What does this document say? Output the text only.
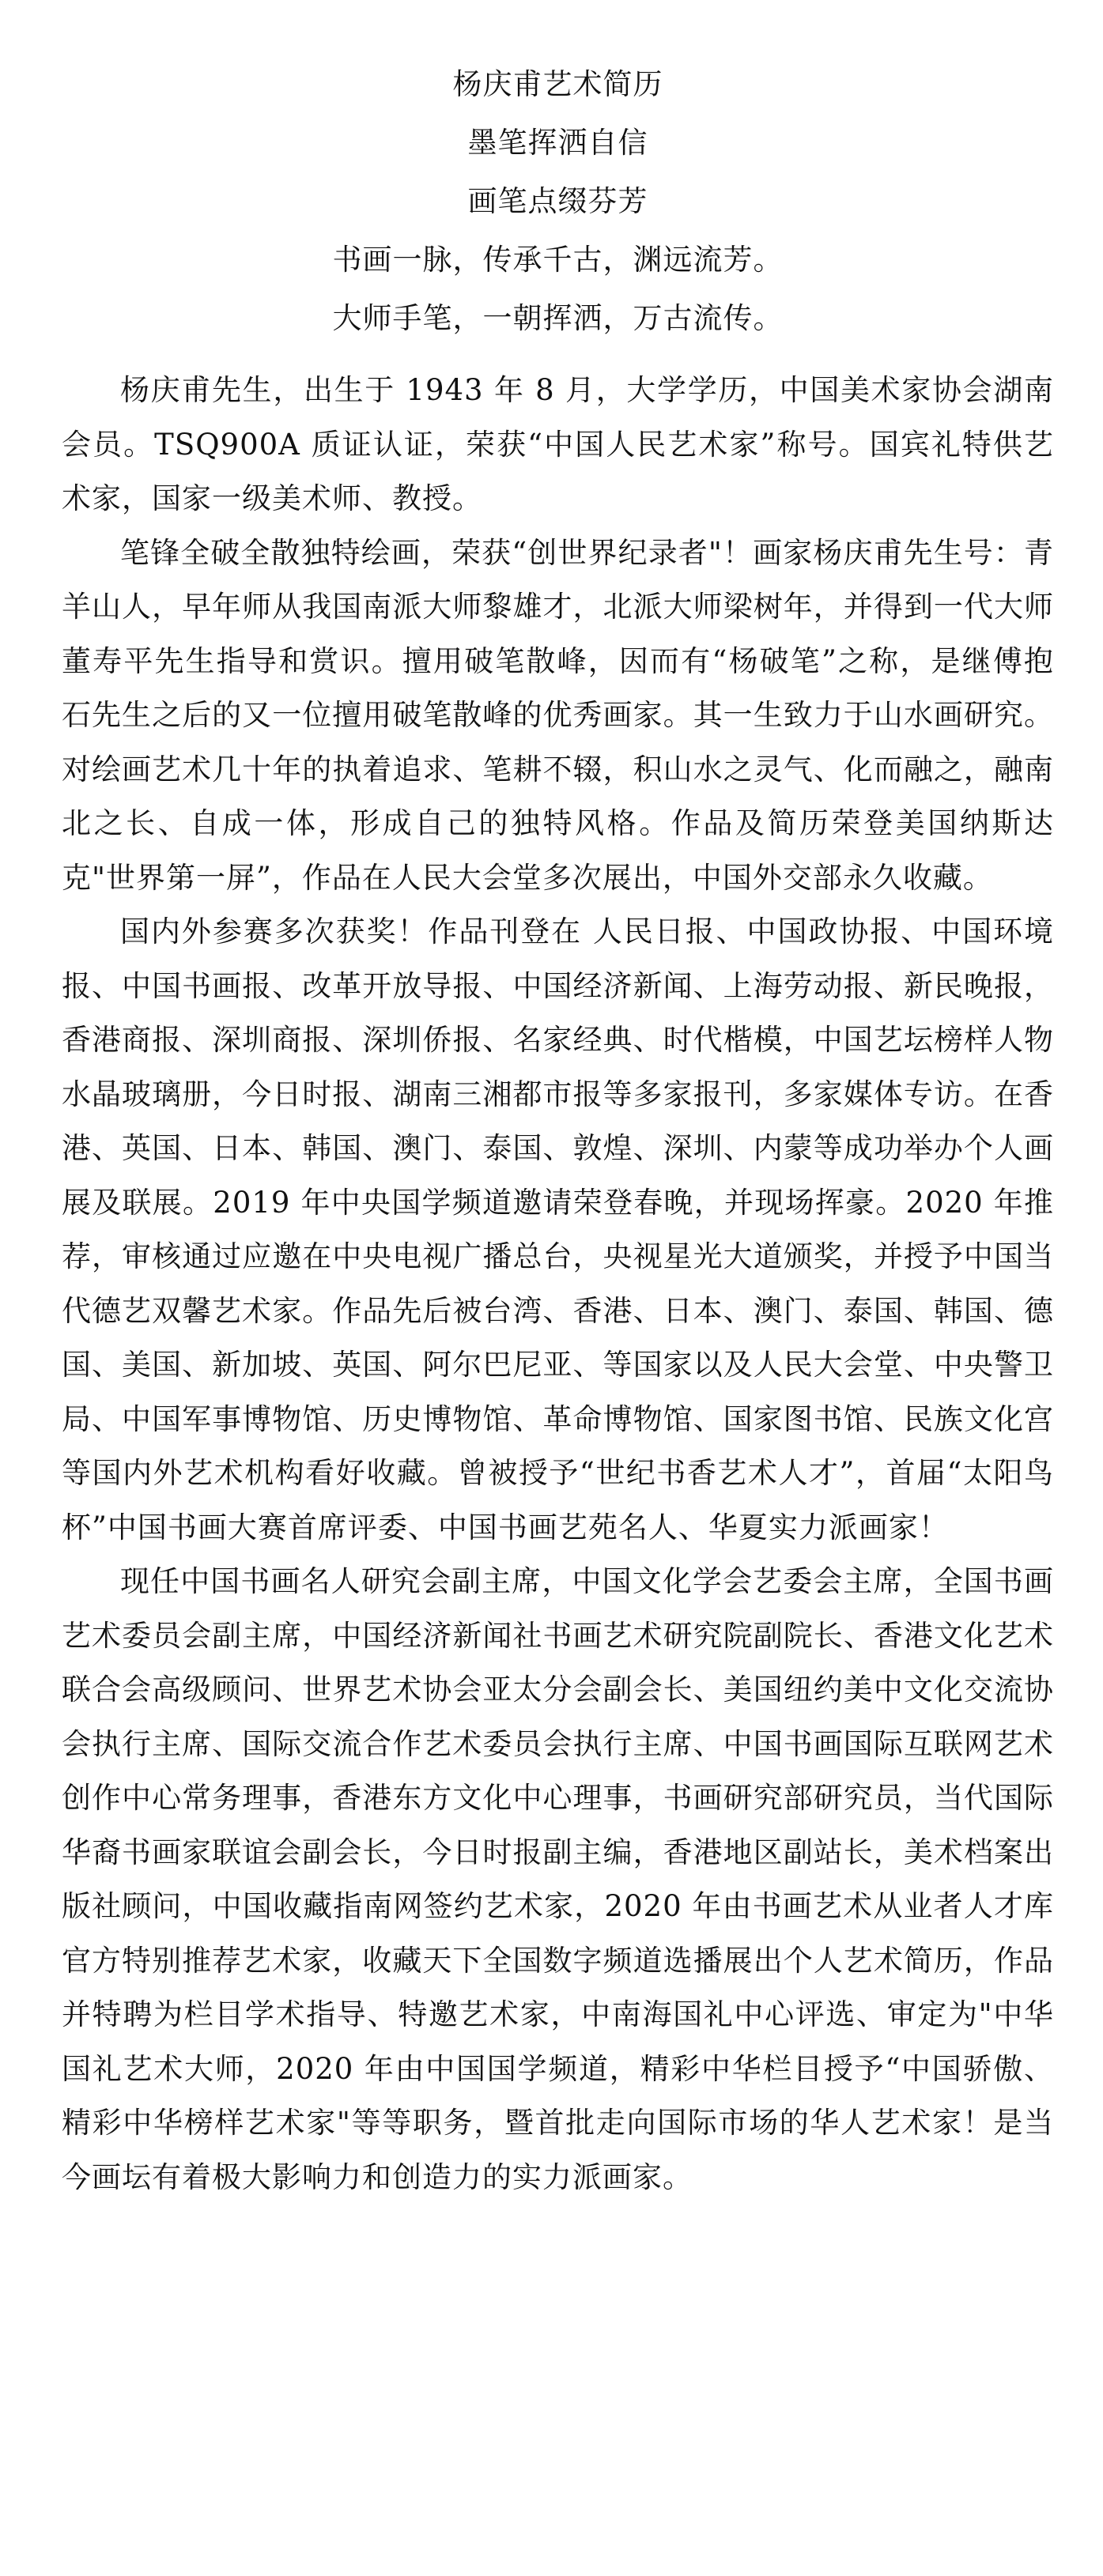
杨庆甫艺术简历

墨笔挥洒自信

画笔点缀芬芳

书画一脉，传承千古，渊远流芳。

大师手笔，一朝挥洒，万古流传。

杨庆甫先生，出生于 1943 年 8 月，大学学历，中国美术家协会湖南会员。TSQ900A 质证认证，荣获“中国人民艺术家”称号。国宾礼特供艺术家，国家一级美术师、教授。

笔锋全破全散独特绘画，荣获“创世界纪录者"！画家杨庆甫先生号：青羊山人，早年师从我国南派大师黎雄才，北派大师梁树年，并得到一代大师董寿平先生指导和赏识。擅用破笔散峰，因而有“杨破笔”之称，是继傅抱石先生之后的又一位擅用破笔散峰的优秀画家。其一生致力于山水画研究。对绘画艺术几十年的执着追求、笔耕不辍，积山水之灵气、化而融之，融南北之长、自成一体，形成自己的独特风格。作品及简历荣登美国纳斯达克"世界第一屏”，作品在人民大会堂多次展出，中国外交部永久收藏。

国内外参赛多次获奖！作品刊登在 人民日报、中国政协报、中国环境报、中国书画报、改革开放导报、中国经济新闻、上海劳动报、新民晚报，香港商报、深圳商报、深圳侨报、名家经典、时代楷模，中国艺坛榜样人物水晶玻璃册，今日时报、湖南三湘都市报等多家报刊，多家媒体专访。在香港、英国、日本、韩国、澳门、泰国、敦煌、深圳、内蒙等成功举办个人画展及联展。2019 年中央国学频道邀请荣登春晚，并现场挥豪。2020 年推荐，审核通过应邀在中央电视广播总台，央视星光大道颁奖，并授予中国当代德艺双馨艺术家。作品先后被台湾、香港、日本、澳门、泰国、韩国、德国、美国、新加坡、英国、阿尔巴尼亚、等国家以及人民大会堂、中央警卫局、中国军事博物馆、历史博物馆、革命博物馆、国家图书馆、民族文化宫等国内外艺术机构看好收藏。曾被授予“世纪书香艺术人才”，首届“太阳鸟杯”中国书画大赛首席评委、中国书画艺苑名人、华夏实力派画家！

现任中国书画名人研究会副主席，中国文化学会艺委会主席，全国书画艺术委员会副主席，中国经济新闻社书画艺术研究院副院长、香港文化艺术联合会高级顾问、世界艺术协会亚太分会副会长、美国纽约美中文化交流协会执行主席、国际交流合作艺术委员会执行主席、中国书画国际互联网艺术创作中心常务理事，香港东方文化中心理事，书画研究部研究员，当代国际华裔书画家联谊会副会长，今日时报副主编，香港地区副站长，美术档案出版社顾问，中国收藏指南网签约艺术家，2020 年由书画艺术从业者人才库官方特别推荐艺术家，收藏天下全国数字频道选播展出个人艺术简历，作品并特聘为栏目学术指导、特邀艺术家，中南海国礼中心评选、审定为"中华国礼艺术大师，2020 年由中国国学频道，精彩中华栏目授予“中国骄傲、精彩中华榜样艺术家"等等职务，暨首批走向国际市场的华人艺术家！是当今画坛有着极大影响力和创造力的实力派画家。
